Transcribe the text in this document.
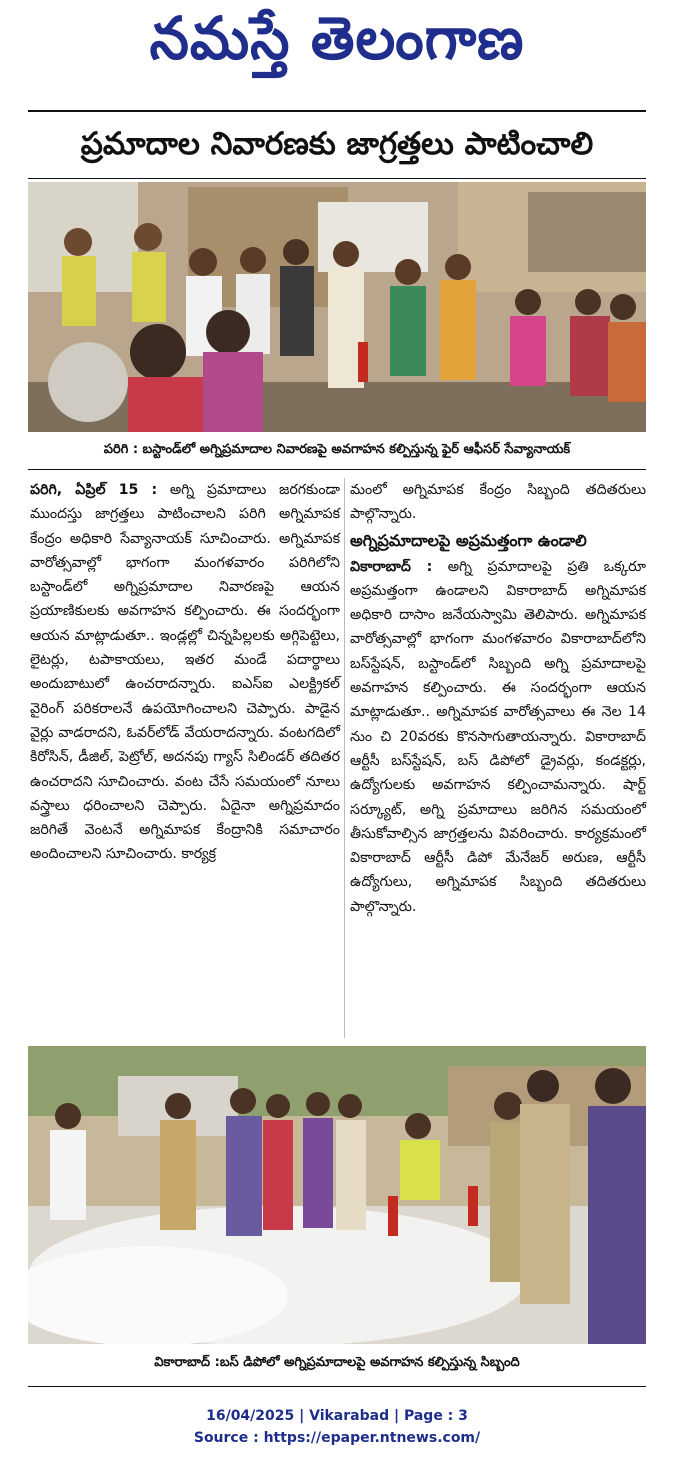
నమస్తే తెలంగాణ
ప్రమాదాల నివారణకు జాగ్రత్తలు పాటించాలి
పరిగి : బస్టాండ్‌లో అగ్నిప్రమాదాల నివారణపై అవగాహన కల్పిస్తున్న ఫైర్ ఆఫీసర్ సేవ్యానాయక్

పరిగి, ఏప్రిల్ 15 : అగ్ని ప్రమాదాలు జరగకుండా ముందస్తు జాగ్రత్తలు పాటించాలని పరిగి అగ్నిమాపక కేంద్రం అధికారి సేవ్యానాయక్ సూచించారు. అగ్నిమాపక వారోత్సవాల్లో భాగంగా మంగళవారం పరిగిలోని బస్టాండ్‌లో అగ్నిప్రమాదాల నివారణపై ఆయన ప్రయాణికులకు అవగాహన కల్పించారు. ఈ సందర్భంగా ఆయన మాట్లాడుతూ.. ఇండ్లల్లో చిన్నపిల్లలకు అగ్గిపెట్టెలు, లైటర్లు, టపాకాయలు, ఇతర మండే పదార్థాలు అందుబాటులో ఉంచరాదన్నారు. ఐఎస్ఐ ఎలక్ట్రికల్ వైరింగ్ పరికరాలనే ఉపయోగించాలని చెప్పారు. పాడైన వైర్లు వాడరాదని, ఓవర్‌లోడ్ వేయరాదన్నారు. వంటగదిలో కిరోసిన్, డీజిల్, పెట్రోల్, అదనపు గ్యాస్ సిలిండర్ తదితర ఉంచరాదని సూచించారు. వంట చేసే సమయంలో నూలు వస్త్రాలు ధరించాలని చెప్పారు. ఏదైనా అగ్నిప్రమాదం జరిగితే వెంటనే అగ్నిమాపక కేంద్రానికి సమాచారం అందించాలని సూచించారు. కార్యక్ర

మంలో అగ్నిమాపక కేంద్రం సిబ్బంది తదితరులు పాల్గొన్నారు.

అగ్నిప్రమాదాలపై అప్రమత్తంగా ఉండాలి

వికారాబాద్ : అగ్ని ప్రమాదాలపై ప్రతి ఒక్కరూ అప్రమత్తంగా ఉండాలని వికారాబాద్ అగ్నిమాపక అధికారి దాసాం జనేయస్వామి తెలిపారు. అగ్నిమాపక వారోత్సవాల్లో భాగంగా మంగళవారం వికారాబాద్‌లోని బస్‌స్టేషన్, బస్టాండ్‌లో సిబ్బంది అగ్ని ప్రమాదాలపై అవగాహన కల్పించారు. ఈ సందర్భంగా ఆయన మాట్లాడుతూ.. అగ్నిమాపక వారోత్సవాలు ఈ నెల 14 నుం చి 20వరకు కొనసాగుతాయన్నారు. వికారాబాద్ ఆర్టీసీ బస్‌స్టేషన్, బస్ డిపోలో డ్రైవర్లు, కండక్టర్లు, ఉద్యోగులకు అవగాహన కల్పించామన్నారు. షార్ట్ సర్క్యూట్, అగ్ని ప్రమాదాలు జరిగిన సమయంలో తీసుకోవాల్సిన జాగ్రత్తలను వివరించారు. కార్యక్రమంలో వికారాబాద్ ఆర్టీసీ డిపో మేనేజర్ అరుణ, ఆర్టీసీ ఉద్యోగులు, అగ్నిమాపక సిబ్బంది తదితరులు పాల్గొన్నారు.

వికారాబాద్ :బస్ డిపోలో అగ్నిప్రమాదాలపై అవగాహన కల్పిస్తున్న సిబ్బంది
16/04/2025 | Vikarabad | Page : 3
Source : https://epaper.ntnews.com/
